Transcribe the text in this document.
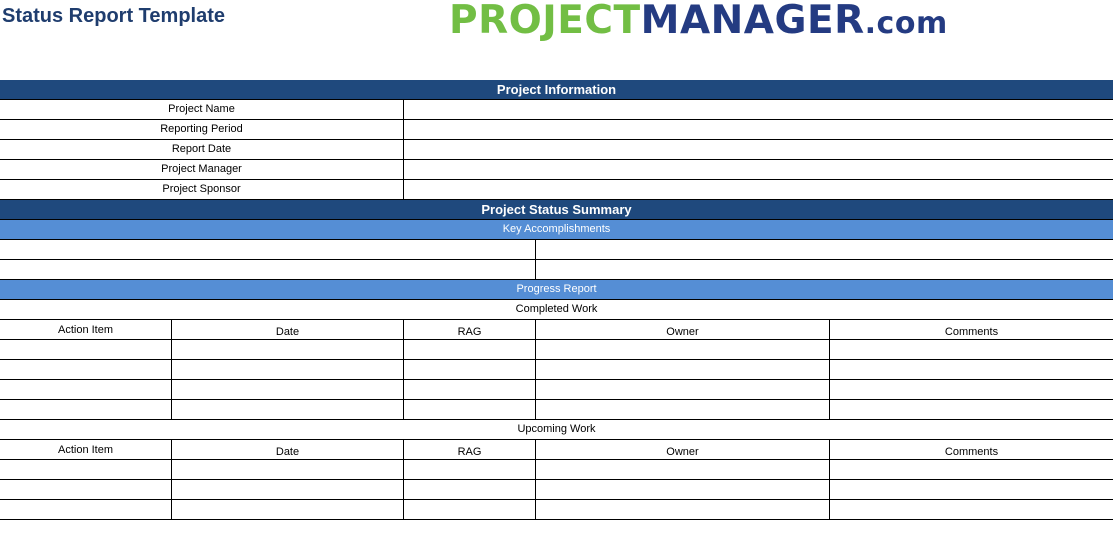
Status Report Template	PROJECTMANAGER.com
Project Information
Project Name
Reporting Period
Report Date
Project Manager
Project Sponsor
Project Status Summary
Key Accomplishments
Progress Report
Completed Work
Action Item	Date	RAG	Owner	Comments
Upcoming Work
Action Item	Date	RAG	Owner	Comments
